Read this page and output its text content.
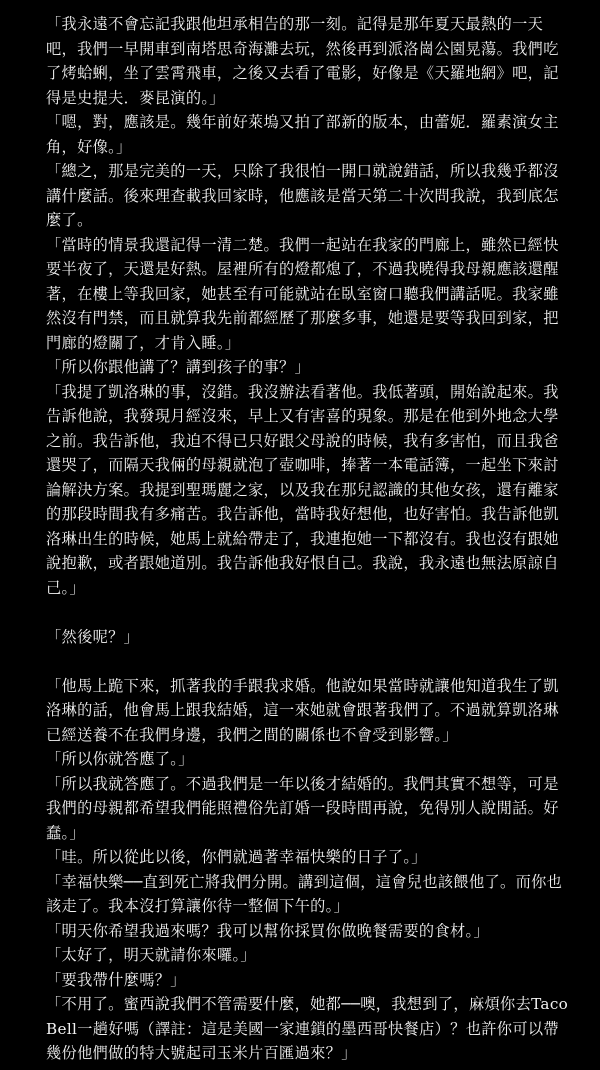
「我永遠不會忘記我跟他坦承相告的那一刻。記得是那年夏天最熱的一天吧，我們一早開車到南塔思奇海灘去玩，然後再到派洛崗公園晃蕩。我們吃了烤蛤蜊，坐了雲霄飛車，之後又去看了電影，好像是《天羅地網》吧，記得是史提夫．麥昆演的。」

「嗯，對，應該是。幾年前好萊塢又拍了部新的版本，由蕾妮．羅素演女主角，好像。」

「總之，那是完美的一天，只除了我很怕一開口就說錯話，所以我幾乎都沒講什麼話。後來理查載我回家時，他應該是當天第二十次問我說，我到底怎麼了。

「當時的情景我還記得一清二楚。我們一起站在我家的門廊上，雖然已經快要半夜了，天還是好熱。屋裡所有的燈都熄了，不過我曉得我母親應該還醒著，在樓上等我回家，她甚至有可能就站在臥室窗口聽我們講話呢。我家雖然沒有門禁，而且就算我先前都經歷了那麼多事，她還是要等我回到家，把門廊的燈關了，才肯入睡。」

「所以你跟他講了？講到孩子的事？」

「我提了凱洛琳的事，沒錯。我沒辦法看著他。我低著頭，開始說起來。我告訴他說，我發現月經沒來，早上又有害喜的現象。那是在他到外地念大學之前。我告訴他，我迫不得已只好跟父母說的時候，我有多害怕，而且我爸還哭了，而隔天我倆的母親就泡了壺咖啡，捧著一本電話簿，一起坐下來討論解決方案。我提到聖瑪麗之家，以及我在那兒認識的其他女孩，還有離家的那段時間我有多痛苦。我告訴他，當時我好想他，也好害怕。我告訴他凱洛琳出生的時候，她馬上就給帶走了，我連抱她一下都沒有。我也沒有跟她說抱歉，或者跟她道別。我告訴他我好恨自己。我說，我永遠也無法原諒自己。」

「然後呢？」

「他馬上跪下來，抓著我的手跟我求婚。他說如果當時就讓他知道我生了凱洛琳的話，他會馬上跟我結婚，這一來她就會跟著我們了。不過就算凱洛琳已經送養不在我們身邊，我們之間的關係也不會受到影響。」

「所以你就答應了。」

「所以我就答應了。不過我們是一年以後才結婚的。我們其實不想等，可是我們的母親都希望我們能照禮俗先訂婚一段時間再說，免得別人說閒話。好蠢。」

「哇。所以從此以後，你們就過著幸福快樂的日子了。」

「幸福快樂──直到死亡將我們分開。講到這個，這會兒也該餵他了。而你也該走了。我本沒打算讓你待一整個下午的。」

「明天你希望我過來嗎？我可以幫你採買你做晚餐需要的食材。」

「太好了，明天就請你來囉。」

「要我帶什麼嗎？」

「不用了。蜜西說我們不管需要什麼，她都──噢，我想到了，麻煩你去Taco Bell一趟好嗎（譯註：這是美國一家連鎖的墨西哥快餐店）？也許你可以帶幾份他們做的特大號起司玉米片百匯過來？」
